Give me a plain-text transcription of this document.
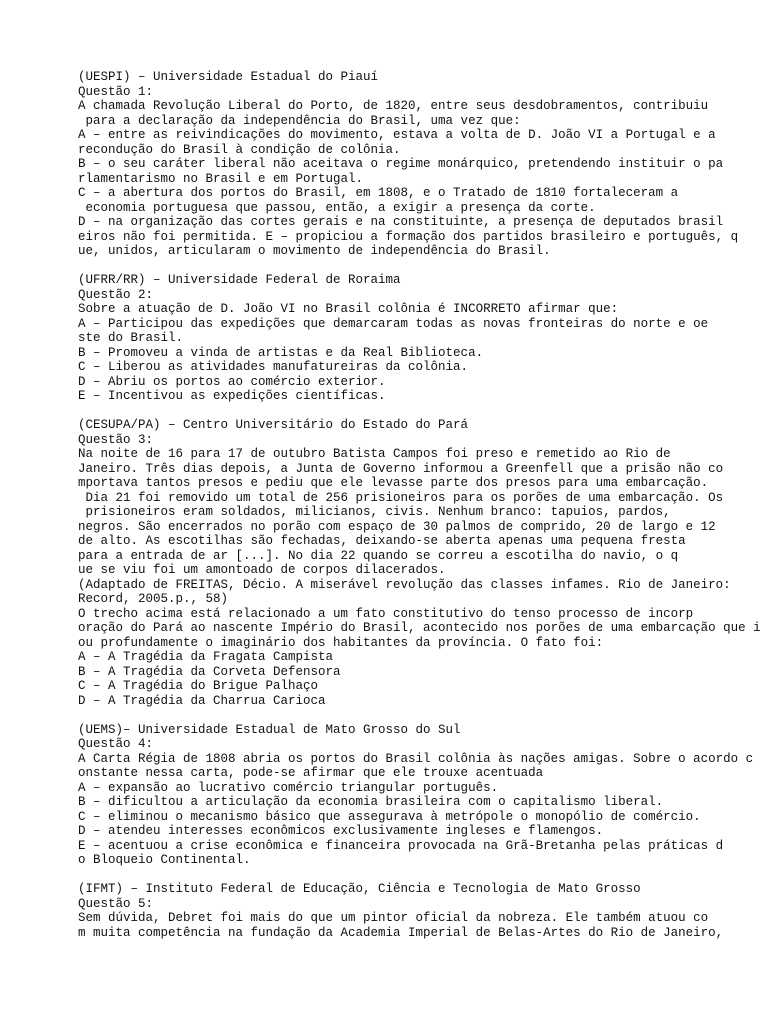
(UESPI) – Universidade Estadual do Piauí
Questão 1:
A chamada Revolução Liberal do Porto, de 1820, entre seus desdobramentos, contribuiu
para a declaração da independência do Brasil, uma vez que:
A – entre as reivindicações do movimento, estava a volta de D. João VI a Portugal e a
recondução do Brasil à condição de colônia.
B – o seu caráter liberal não aceitava o regime monárquico, pretendendo instituir o pa
rlamentarismo no Brasil e em Portugal.
C – a abertura dos portos do Brasil, em 1808, e o Tratado de 1810 fortaleceram a
economia portuguesa que passou, então, a exigir a presença da corte.
D – na organização das cortes gerais e na constituinte, a presença de deputados brasil
eiros não foi permitida. E – propiciou a formação dos partidos brasileiro e português, q
ue, unidos, articularam o movimento de independência do Brasil.
(UFRR/RR) – Universidade Federal de Roraima
Questão 2:
Sobre a atuação de D. João VI no Brasil colônia é INCORRETO afirmar que:
A – Participou das expedições que demarcaram todas as novas fronteiras do norte e oe
ste do Brasil.
B – Promoveu a vinda de artistas e da Real Biblioteca.
C – Liberou as atividades manufatureiras da colônia.
D – Abriu os portos ao comércio exterior.
E – Incentivou as expedições científicas.
(CESUPA/PA) – Centro Universitário do Estado do Pará
Questão 3:
Na noite de 16 para 17 de outubro Batista Campos foi preso e remetido ao Rio de
Janeiro. Três dias depois, a Junta de Governo informou a Greenfell que a prisão não co
mportava tantos presos e pediu que ele levasse parte dos presos para uma embarcação.
Dia 21 foi removido um total de 256 prisioneiros para os porões de uma embarcação. Os
prisioneiros eram soldados, milicianos, civis. Nenhum branco: tapuios, pardos,
negros. São encerrados no porão com espaço de 30 palmos de comprido, 20 de largo e 12
de alto. As escotilhas são fechadas, deixando-se aberta apenas uma pequena fresta
para a entrada de ar [...]. No dia 22 quando se correu a escotilha do navio, o q
ue se viu foi um amontoado de corpos dilacerados.
(Adaptado de FREITAS, Décio. A miserável revolução das classes infames. Rio de Janeiro:
Record, 2005.p., 58)
O trecho acima está relacionado a um fato constitutivo do tenso processo de incorp
oração do Pará ao nascente Império do Brasil, acontecido nos porões de uma embarcação que i
ou profundamente o imaginário dos habitantes da província. O fato foi:
A – A Tragédia da Fragata Campista
B – A Tragédia da Corveta Defensora
C – A Tragédia do Brigue Palhaço
D – A Tragédia da Charrua Carioca
(UEMS)– Universidade Estadual de Mato Grosso do Sul
Questão 4:
A Carta Régia de 1808 abria os portos do Brasil colônia às nações amigas. Sobre o acordo c
onstante nessa carta, pode-se afirmar que ele trouxe acentuada
A – expansão ao lucrativo comércio triangular português.
B – dificultou a articulação da economia brasileira com o capitalismo liberal.
C – eliminou o mecanismo básico que assegurava à metrópole o monopólio de comércio.
D – atendeu interesses econômicos exclusivamente ingleses e flamengos.
E – acentuou a crise econômica e financeira provocada na Grã-Bretanha pelas práticas d
o Bloqueio Continental.
(IFMT) – Instituto Federal de Educação, Ciência e Tecnologia de Mato Grosso
Questão 5:
Sem dúvida, Debret foi mais do que um pintor oficial da nobreza. Ele também atuou co
m muita competência na fundação da Academia Imperial de Belas-Artes do Rio de Janeiro,
